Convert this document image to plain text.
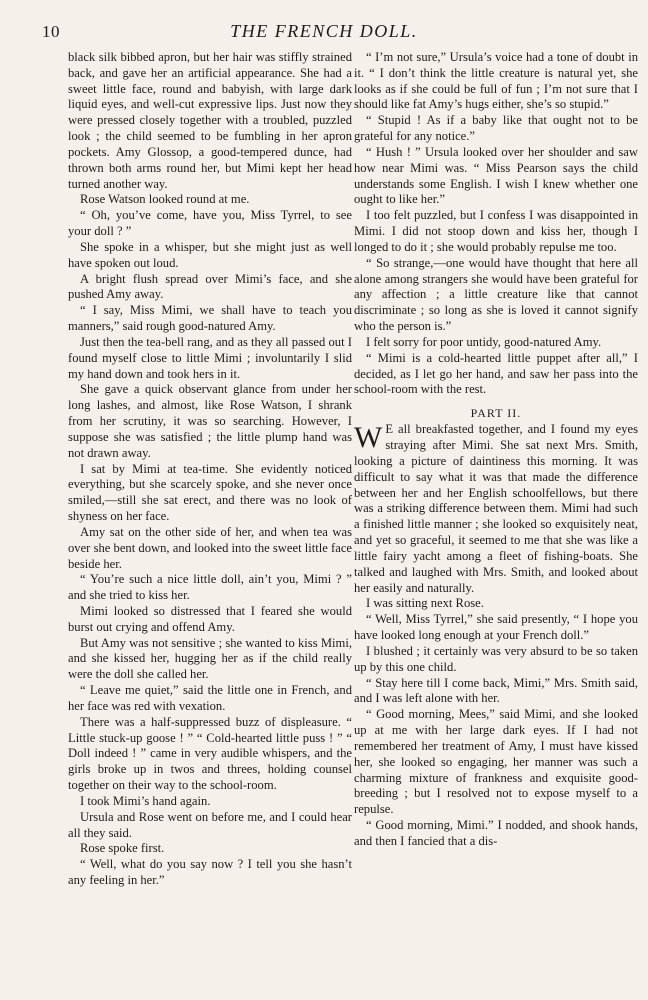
10	THE FRENCH DOLL.

black silk bibbed apron, but her hair was stiffly strained back, and gave her an artificial appearance. She had a sweet little face, round and babyish, with large dark liquid eyes, and well-cut expressive lips. Just now they were pressed closely together with a troubled, puzzled look ; the child seemed to be fumbling in her apron pockets. Amy Glossop, a good-tempered dunce, had thrown both arms round her, but Mimi kept her head turned another way.

Rose Watson looked round at me.

“ Oh, you’ve come, have you, Miss Tyrrel, to see your doll ? ”

She spoke in a whisper, but she might just as well have spoken out loud.

A bright flush spread over Mimi’s face, and she pushed Amy away.

“ I say, Miss Mimi, we shall have to teach you manners,” said rough good-natured Amy.

Just then the tea-bell rang, and as they all passed out I found myself close to little Mimi ; involuntarily I slid my hand down and took hers in it.

She gave a quick observant glance from under her long lashes, and almost, like Rose Watson, I shrank from her scrutiny, it was so searching. However, I suppose she was satisfied ; the little plump hand was not drawn away.

I sat by Mimi at tea-time. She evidently noticed everything, but she scarcely spoke, and she never once smiled,—still she sat erect, and there was no look of shyness on her face.

Amy sat on the other side of her, and when tea was over she bent down, and looked into the sweet little face beside her.

“ You’re such a nice little doll, ain’t you, Mimi ? ” and she tried to kiss her.

Mimi looked so distressed that I feared she would burst out crying and offend Amy.

But Amy was not sensitive ; she wanted to kiss Mimi, and she kissed her, hugging her as if the child really were the doll she called her.

“ Leave me quiet,” said the little one in French, and her face was red with vexation.

There was a half-suppressed buzz of displeasure. “ Little stuck-up goose ! ” “ Cold-hearted little puss ! ” “ Doll indeed ! ” came in very audible whispers, and the girls broke up in twos and threes, holding counsel together on their way to the school-room.

I took Mimi’s hand again.

Ursula and Rose went on before me, and I could hear all they said.

Rose spoke first.

“ Well, what do you say now ? I tell you she hasn’t any feeling in her.”

“ I’m not sure,” Ursula’s voice had a tone of doubt in it. “ I don’t think the little creature is natural yet, she looks as if she could be full of fun ; I’m not sure that I should like fat Amy’s hugs either, she’s so stupid.”

“ Stupid ! As if a baby like that ought not to be grateful for any notice.”

“ Hush ! ” Ursula looked over her shoulder and saw how near Mimi was. “ Miss Pearson says the child understands some English. I wish I knew whether one ought to like her.”

I too felt puzzled, but I confess I was disappointed in Mimi. I did not stoop down and kiss her, though I longed to do it ; she would probably repulse me too.

“ So strange,—one would have thought that here all alone among strangers she would have been grateful for any affection ; a little creature like that cannot discriminate ; so long as she is loved it cannot signify who the person is.”

I felt sorry for poor untidy, good-natured Amy.

“ Mimi is a cold-hearted little puppet after all,” I decided, as I let go her hand, and saw her pass into the school-room with the rest.

PART II.

W E all breakfasted together, and I found my eyes straying after Mimi. She sat next Mrs. Smith, looking a picture of daintiness this morning. It was difficult to say what it was that made the difference between her and her English schoolfellows, but there was a striking difference between them. Mimi had such a finished little manner ; she looked so exquisitely neat, and yet so graceful, it seemed to me that she was like a little fairy yacht among a fleet of fishing-boats. She talked and laughed with Mrs. Smith, and looked about her easily and naturally.

I was sitting next Rose.

“ Well, Miss Tyrrel,” she said presently, “ I hope you have looked long enough at your French doll.”

I blushed ; it certainly was very absurd to be so taken up by this one child.

“ Stay here till I come back, Mimi,” Mrs. Smith said, and I was left alone with her.

“ Good morning, Mees,” said Mimi, and she looked up at me with her large dark eyes. If I had not remembered her treatment of Amy, I must have kissed her, she looked so engaging, her manner was such a charming mixture of frankness and exquisite good-breeding ; but I resolved not to expose myself to a repulse.

“ Good morning, Mimi.” I nodded, and shook hands, and then I fancied that a dis-
